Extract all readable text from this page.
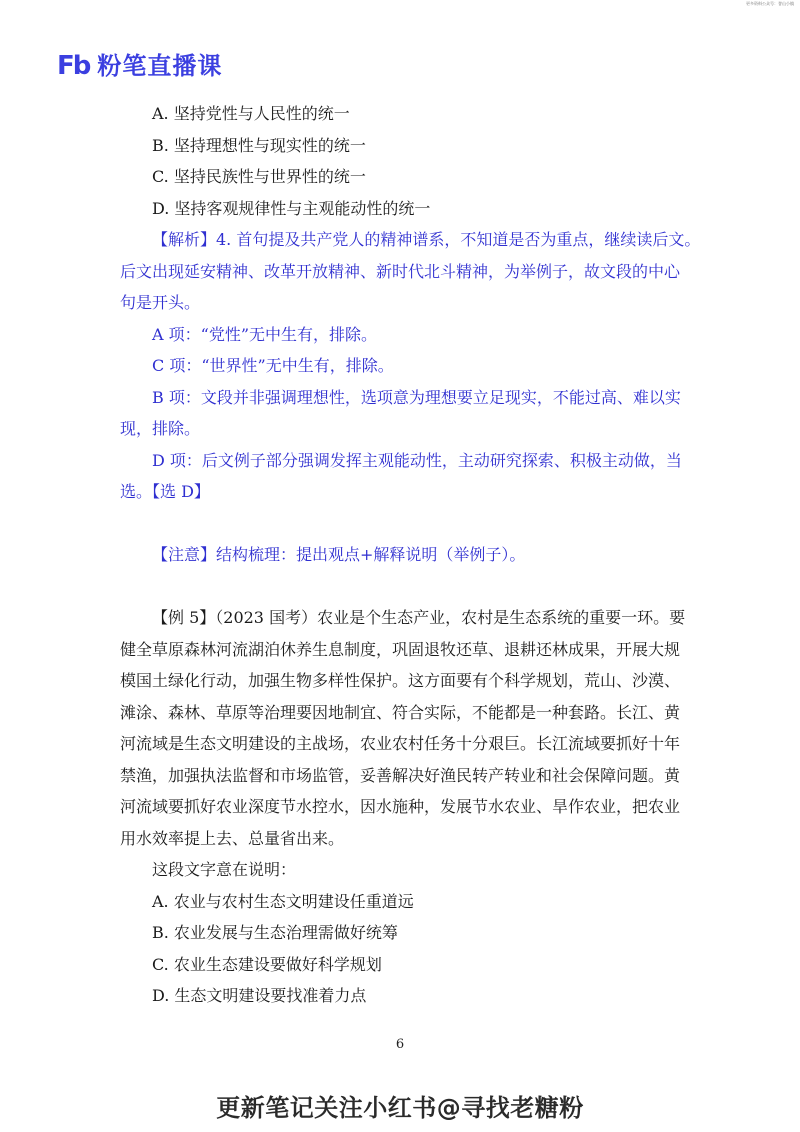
更多资料公众号：誉山小镇
Fb 粉笔直播课
A. 坚持党性与人民性的统一
B. 坚持理想性与现实性的统一
C. 坚持民族性与世界性的统一
D. 坚持客观规律性与主观能动性的统一
【解析】4. 首句提及共产党人的精神谱系，不知道是否为重点，继续读后文。
后文出现延安精神、改革开放精神、新时代北斗精神，为举例子，故文段的中心
句是开头。
A 项：“党性”无中生有，排除。
C 项：“世界性”无中生有，排除。
B 项：文段并非强调理想性，选项意为理想要立足现实，不能过高、难以实
现，排除。
D 项：后文例子部分强调发挥主观能动性，主动研究探索、积极主动做，当
选。【选 D】
【注意】结构梳理：提出观点+解释说明（举例子）。
【例 5】（2023 国考）农业是个生态产业，农村是生态系统的重要一环。要
健全草原森林河流湖泊休养生息制度，巩固退牧还草、退耕还林成果，开展大规
模国土绿化行动，加强生物多样性保护。这方面要有个科学规划，荒山、沙漠、
滩涂、森林、草原等治理要因地制宜、符合实际，不能都是一种套路。长江、黄
河流域是生态文明建设的主战场，农业农村任务十分艰巨。长江流域要抓好十年
禁渔，加强执法监督和市场监管，妥善解决好渔民转产转业和社会保障问题。黄
河流域要抓好农业深度节水控水，因水施种，发展节水农业、旱作农业，把农业
用水效率提上去、总量省出来。
这段文字意在说明：
A. 农业与农村生态文明建设任重道远
B. 农业发展与生态治理需做好统筹
C. 农业生态建设要做好科学规划
D. 生态文明建设要找准着力点
6
更新笔记关注小红书@寻找老糖粉
